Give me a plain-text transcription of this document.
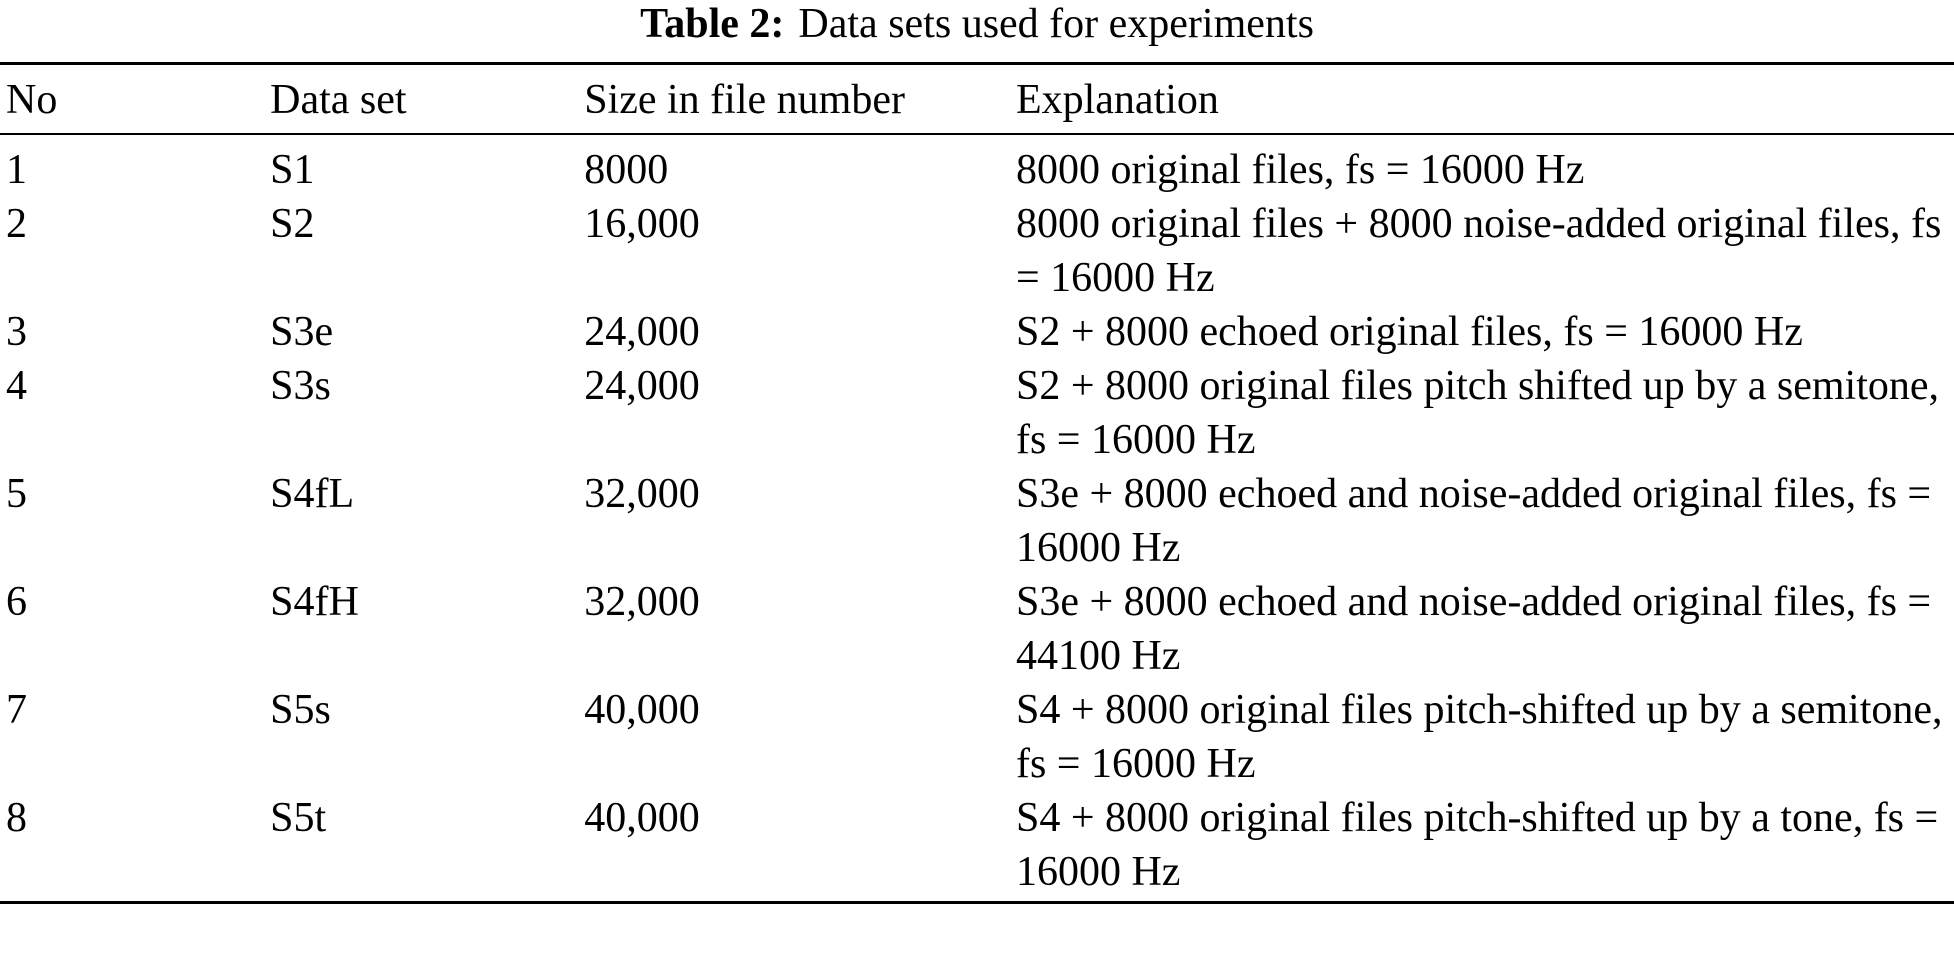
Table 2: Data sets used for experiments
No	Data set	Size in file number	Explanation
1	S1	8000	8000 original files, fs = 16000 Hz
2	S2	16,000	8000 original files + 8000 noise-added original files, fs = 16000 Hz
3	S3e	24,000	S2 + 8000 echoed original files, fs = 16000 Hz
4	S3s	24,000	S2 + 8000 original files pitch shifted up by a semitone, fs = 16000 Hz
5	S4fL	32,000	S3e + 8000 echoed and noise-added original files, fs = 16000 Hz
6	S4fH	32,000	S3e + 8000 echoed and noise-added original files, fs = 44100 Hz
7	S5s	40,000	S4 + 8000 original files pitch-shifted up by a semitone, fs = 16000 Hz
8	S5t	40,000	S4 + 8000 original files pitch-shifted up by a tone, fs = 16000 Hz
